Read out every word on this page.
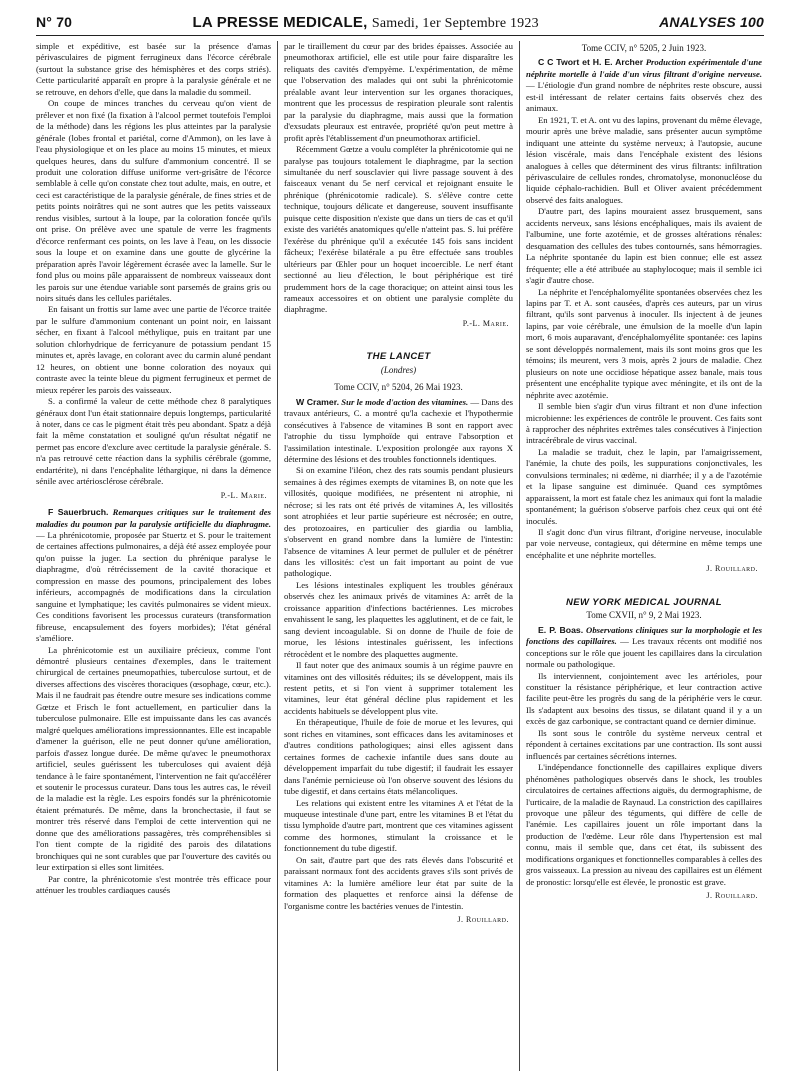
N° 70	LA PRESSE MEDICALE, Samedi, 1er Septembre 1923	ANALYSES 100

simple et expéditive, est basée sur la présence d'amas périvasculaires de pigment ferrugineux dans l'écorce cérébrale (surtout la substance grise des hémisphères et des corps striés). Cette particularité apparaît en propre à la paralysie générale et ne se retrouve, en dehors d'elle, que dans la maladie du sommeil.

On coupe de minces tranches du cerveau qu'on vient de prélever et non fixé (la fixation à l'alcool permet toutefois l'emploi de la méthode) dans les régions les plus atteintes par la paralysie générale (lobes frontal et pariétal, corne d'Ammon), on les lave à l'eau physiologique et on les place au moins 15 minutes, et mieux quelques heures, dans du sulfure d'ammonium concentré. Il se produit une coloration diffuse uniforme vert-grisâtre de l'écorce semblable à celle qu'on constate chez tout adulte, mais, en outre, et ceci est caractéristique de la paralysie générale, de fines stries et de petits points noirâtres qui ne sont autres que les petits vaisseaux rendus visibles, surtout à la loupe, par la coloration foncée qu'ils ont prise. On prélève avec une spatule de verre les fragments d'écorce renfermant ces points, on les lave à l'eau, on les dissocie sous la loupe et on examine dans une goutte de glycérine la préparation après l'avoir légèrement écrasée avec la lamelle. Sur le fond plus ou moins pâle apparaissent de nombreux vaisseaux dont les parois sur une étendue variable sont parsemés de grains gris ou noirs situés dans les cellules pariétales.

En faisant un frottis sur lame avec une partie de l'écorce traitée par le sulfure d'ammonium contenant un point noir, en laissant sécher, en fixant à l'alcool méthylique, puis en traitant par une solution chlorhydrique de ferricyanure de potassium pendant 15 minutes et, après lavage, en colorant avec du carmin aluné pendant 12 heures, on obtient une bonne coloration des noyaux qui contraste avec la teinte bleue du pigment ferrugineux et permet de mieux repérer les parois des vaisseaux.

S. a confirmé la valeur de cette méthode chez 8 paralytiques généraux dont l'un était stationnaire depuis longtemps, particularité à noter, dans ce cas le pigment était très peu abondant. Spatz a déjà fait la même constatation et souligné qu'un résultat négatif ne permet pas encore d'exclure avec certitude la paralysie générale. S. n'a pas retrouvé cette réaction dans la syphilis cérébrale (gomme, endartérite), ni dans l'encéphalite léthargique, ni dans la démence sénile avec artériosclérose cérébrale.

P.-L. Marie.

F Sauerbruch. Remarques critiques sur le traitement des maladies du poumon par la paralysie artificielle du diaphragme. — La phrénicotomie, proposée par Stuertz et S. pour le traitement de certaines affections pulmonaires, a déjà été assez employée pour qu'on puisse la juger. La section du phrénique paralyse le diaphragme, d'où rétrécissement de la cavité thoracique et compression en masse des poumons, principalement des lobes inférieurs, accompagnés de modifications dans la circulation sanguine et lymphatique; les cavités pulmonaires se vident mieux. Ces conditions favorisent les processus curateurs (transformation fibreuse, encapsulement des foyers morbides); l'état général s'améliore.

La phrénicotomie est un auxiliaire précieux, comme l'ont démontré plusieurs centaines d'exemples, dans le traitement chirurgical de certaines pneumopathies, tuberculose surtout, et de diverses affections des viscères thoraciques (œsophage, cœur, etc.). Mais il ne faudrait pas étendre outre mesure ses indications comme Gœtze et Frisch le font actuellement, en particulier dans la tuberculose pulmonaire. Elle est impuissante dans les cas avancés malgré quelques améliorations impressionnantes. Elle est incapable d'amener la guérison, elle ne peut donner qu'une amélioration, parfois d'assez longue durée. De même qu'avec le pneumothorax artificiel, seules guérissent les tuberculoses qui avaient déjà tendance à le faire spontanément, l'intervention ne fait qu'accélérer et soutenir le processus curateur. Dans tous les autres cas, le réveil de la maladie est la règle. Les espoirs fondés sur la phrénicotomie étaient prématurés. De même, dans la bronchectasie, il faut se montrer très réservé dans l'emploi de cette intervention qui ne donne que des améliorations passagères, très compréhensibles si l'on tient compte de la rigidité des parois des dilatations bronchiques qui ne sont curables que par l'ouverture des cavités ou leur extirpation si elles sont limitées.

Par contre, la phrénicotomie s'est montrée très efficace pour atténuer les troubles cardiaques causés

par le tiraillement du cœur par des brides épaisses. Associée au pneumothorax artificiel, elle est utile pour faire disparaître les reliquats des cavités d'empyème. L'expérimentation, de même que l'observation des malades qui ont subi la phrénicotomie préalable avant leur intervention sur les organes thoraciques, montrent que les processus de respiration pleurale sont ralentis par la paralysie du diaphragme, mais aussi que la formation d'exsudats pleuraux est entravée, propriété qu'on peut mettre à profit après l'établissement d'un pneumothorax artificiel.

Récemment Gœtze a voulu compléter la phrénicotomie qui ne paralyse pas toujours totalement le diaphragme, par la section simultanée du nerf sousclavier qui livre passage souvent à des faisceaux venant du 5e nerf cervical et rejoignant ensuite le phrénique (phrénicotomie radicale). S. s'élève contre cette technique, toujours délicate et dangereuse, souvent insuffisante puisque cette disposition n'existe que dans un tiers de cas et qu'il existe des variétés anatomiques qu'elle n'atteint pas. S. lui préfère l'exérèse du phrénique qu'il a exécutée 145 fois sans incident fâcheux; l'exérèse bilatérale a pu être effectuée sans troubles ultérieurs par Œhler pour un hoquet incoercible. Le nerf étant sectionné au lieu d'élection, le bout périphérique est tiré prudemment hors de la cage thoracique; on atteint ainsi tous les rameaux accessoires et on obtient une paralysie complète du diaphragme.

P.-L. Marie.
THE LANCET
(Londres)
Tome CCIV, n° 5204, 26 Mai 1923.

W Cramer. Sur le mode d'action des vitamines. — Dans des travaux antérieurs, C. a montré qu'la cachexie et l'hypothermie consécutives à l'absence de vitamines B sont en rapport avec l'atrophie du tissu lymphoïde qui entrave l'absorption et l'assimilation intestinale. L'exposition prolongée aux rayons X détermine des lésions et des troubles fonctionnels identiques.

Si on examine l'iléon, chez des rats soumis pendant plusieurs semaines à des régimes exempts de vitamines B, on note que les villosités, quoique modifiées, ne présentent ni atrophie, ni nécrose; si les rats ont été privés de vitamines A, les villosités sont atrophiées et leur partie supérieure est nécrosée; en outre, des protozoaires, en particulier des giardia ou lamblia, s'observent en grand nombre dans la lumière de l'intestin: l'absence de vitamines A leur permet de pulluler et de pénétrer dans les villosités: c'est un fait important au point de vue pathologique.

Les lésions intestinales expliquent les troubles généraux observés chez les animaux privés de vitamines A: arrêt de la croissance apparition d'infections bactériennes. Les microbes envahissent le sang, les plaquettes les agglutinent, et de ce fait, le sang devient incoagulable. Si on donne de l'huile de foie de morue, les lésions intestinales guérissent, les infections rétrocèdent et le nombre des plaquettes augmente.

Il faut noter que des animaux soumis à un régime pauvre en vitamines ont des villosités réduites; ils se développent, mais ils restent petits, et si l'on vient à supprimer totalement les vitamines, leur état général décline plus rapidement et les accidents habituels se développent plus vite.

En thérapeutique, l'huile de foie de morue et les levures, qui sont riches en vitamines, sont efficaces dans les avitaminoses et d'autres conditions pathologiques; ainsi elles agissent dans certaines formes de cachexie infantile dues sans doute au développement imparfait du tube digestif; il faudrait les essayer dans l'anémie pernicieuse où l'on observe souvent des lésions du tube digestif, et dans certains états mélancoliques.

Les relations qui existent entre les vitamines A et l'état de la muqueuse intestinale d'une part, entre les vitamines B et l'état du tissu lymphoïde d'autre part, montrent que ces vitamines agissent comme des hormones, stimulant la croissance et le fonctionnement du tube digestif.

On sait, d'autre part que des rats élevés dans l'obscurité et paraissant normaux font des accidents graves s'ils sont privés de vitamines A: la lumière améliore leur état par suite de la formation des plaquettes et renforce ainsi la défense de l'organisme contre les bactéries venues de l'intestin.

J. Rouillard.
Tome CCIV, n° 5205, 2 Juin 1923.

C C Twort et H. E. Archer Production expérimentale d'une néphrite mortelle à l'aide d'un virus filtrant d'origine nerveuse. — L'étiologie d'un grand nombre de néphrites reste obscure, aussi est-il intéressant de relater certains faits observés chez des animaux.

En 1921, T. et A. ont vu des lapins, provenant du même élevage, mourir après une brève maladie, sans présenter aucun symptôme indiquant une atteinte du système nerveux; à l'autopsie, aucune lésion viscérale, mais dans l'encéphale existent des lésions analogues à celles que déterminent des virus filtrants: infiltration périvasculaire de cellules rondes, chromatolyse, mononucléose du liquide céphalo-rachidien. Bull et Oliver avaient précédemment observé des faits analogues.

D'autre part, des lapins mouraient assez brusquement, sans accidents nerveux, sans lésions encéphaliques, mais ils avaient de l'albumine, une forte azotémie, et de grosses altérations rénales: desquamation des cellules des tubes contournés, sans hémorragies. La néphrite spontanée du lapin est bien connue; elle est assez fréquente; elle a été attribuée au staphylocoque; mais il semble ici s'agir d'autre chose.

La néphrite et l'encéphalomyélite spontanées observées chez les lapins par T. et A. sont causées, d'après ces auteurs, par un virus filtrant, qu'ils sont parvenus à inoculer. Ils injectent à de jeunes lapins, par voie cérébrale, une émulsion de la moelle d'un lapin mort, 6 mois auparavant, d'encéphalomyélite spontanée: ces lapins se sont développés normalement, mais ils sont moins gros que les témoins; ils meurent, vers 3 mois, après 2 jours de maladie. Chez plusieurs on note une occidiose hépatique assez banale, mais tous présentent une encéphalite typique avec méningite, et ils ont de la néphrite avec azotémie.

Il semble bien s'agir d'un virus filtrant et non d'une infection microbienne: les expériences de contrôle le prouvent. Ces faits sont à rapprocher des néphrites extrêmes tales consécutives à l'injection intracérébrale de virus vaccinal.

La maladie se traduit, chez le lapin, par l'amaigrissement, l'anémie, la chute des poils, les suppurations conjonctivales, les convulsions terminales; ni œdème, ni diarrhée; il y a de l'azotémie et la lipase sanguine est diminuée. Quand ces symptômes apparaissent, la mort est fatale chez les animaux qui font la maladie spontanément; la guérison s'observe parfois chez ceux qui ont été inoculés.

Il s'agit donc d'un virus filtrant, d'origine nerveuse, inoculable par voie nerveuse, contagieux, qui détermine en même temps une encéphalite et une néphrite mortelles.

J. Rouillard.
NEW YORK MEDICAL JOURNAL
Tome CXVII, n° 9, 2 Mai 1923.

E. P. Boas. Observations cliniques sur la morphologie et les fonctions des capillaires. — Les travaux récents ont modifié nos conceptions sur le rôle que jouent les capillaires dans la circulation normale ou pathologique.

Ils interviennent, conjointement avec les artérioles, pour constituer la résistance périphérique, et leur contraction active facilite peut-être les progrès du sang de la périphérie vers le cœur. Ils s'adaptent aux besoins des tissus, se dilatant quand il y a un excès de gaz carbonique, se contractant quand ce dernier diminue.

Ils sont sous le contrôle du système nerveux central et répondent à certaines excitations par une contraction. Ils sont aussi influencés par certaines sécrétions internes.

L'indépendance fonctionnelle des capillaires explique divers phénomènes pathologiques observés dans le shock, les troubles circulatoires de certaines affections aiguës, du dermographisme, de l'urticaire, de la maladie de Raynaud. La constriction des capillaires provoque une pâleur des téguments, qui diffère de celle de l'anémie. Les capillaires jouent un rôle important dans la production de l'œdème. Leur rôle dans l'hypertension est mal connu, mais il semble que, dans cet état, ils subissent des modifications organiques et fonctionnelles comparables à celles des gros vaisseaux. La pression au niveau des capillaires est un élément de pronostic: lorsqu'elle est élevée, le pronostic est grave.

J. Rouillard.
